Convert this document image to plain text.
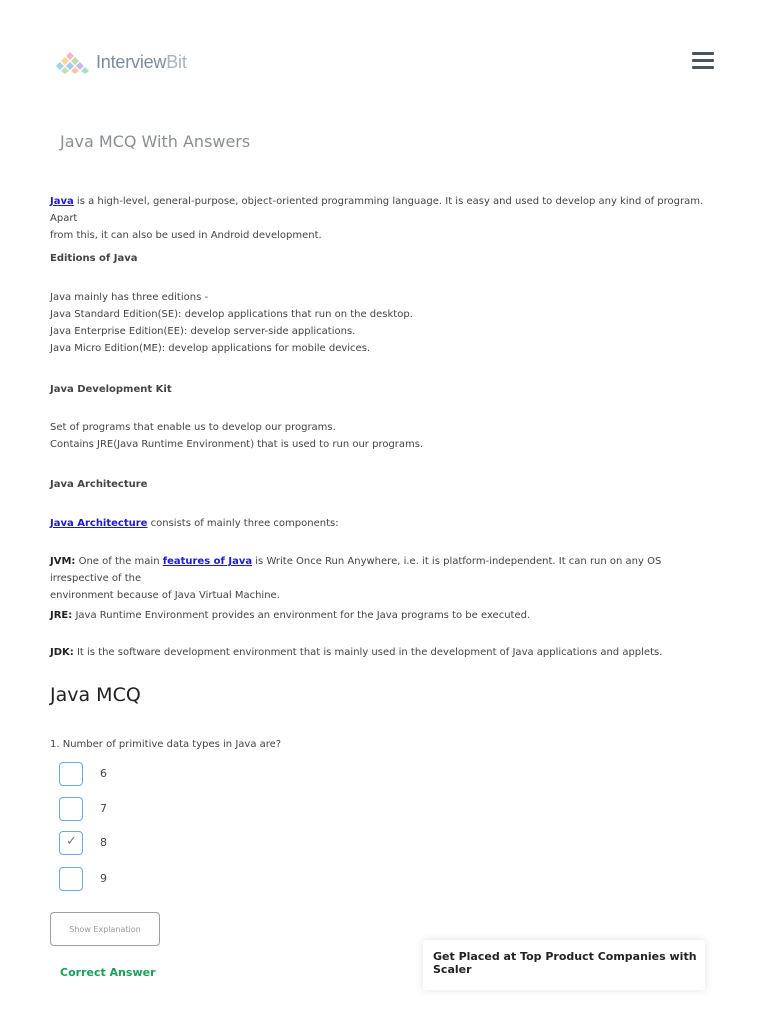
InterviewBit
Java MCQ With Answers
Java is a high-level, general-purpose, object-oriented programming language. It is easy and used to develop any kind of program. Apart
from this, it can also be used in Android development.
Editions of Java
Java mainly has three editions -
Java Standard Edition(SE): develop applications that run on the desktop.
Java Enterprise Edition(EE): develop server-side applications.
Java Micro Edition(ME): develop applications for mobile devices.
Java Development Kit
Set of programs that enable us to develop our programs.
Contains JRE(Java Runtime Environment) that is used to run our programs.
Java Architecture
Java Architecture consists of mainly three components:
JVM: One of the main features of Java is Write Once Run Anywhere, i.e. it is platform-independent. It can run on any OS irrespective of the
environment because of Java Virtual Machine.
JRE: Java Runtime Environment provides an environment for the Java programs to be executed.
JDK: It is the software development environment that is mainly used in the development of Java applications and applets.
Java MCQ
1. Number of primitive data types in Java are?
6
7
✓ 8
9
Show Explanation
Correct Answer
Get Placed at Top Product Companies with Scaler
